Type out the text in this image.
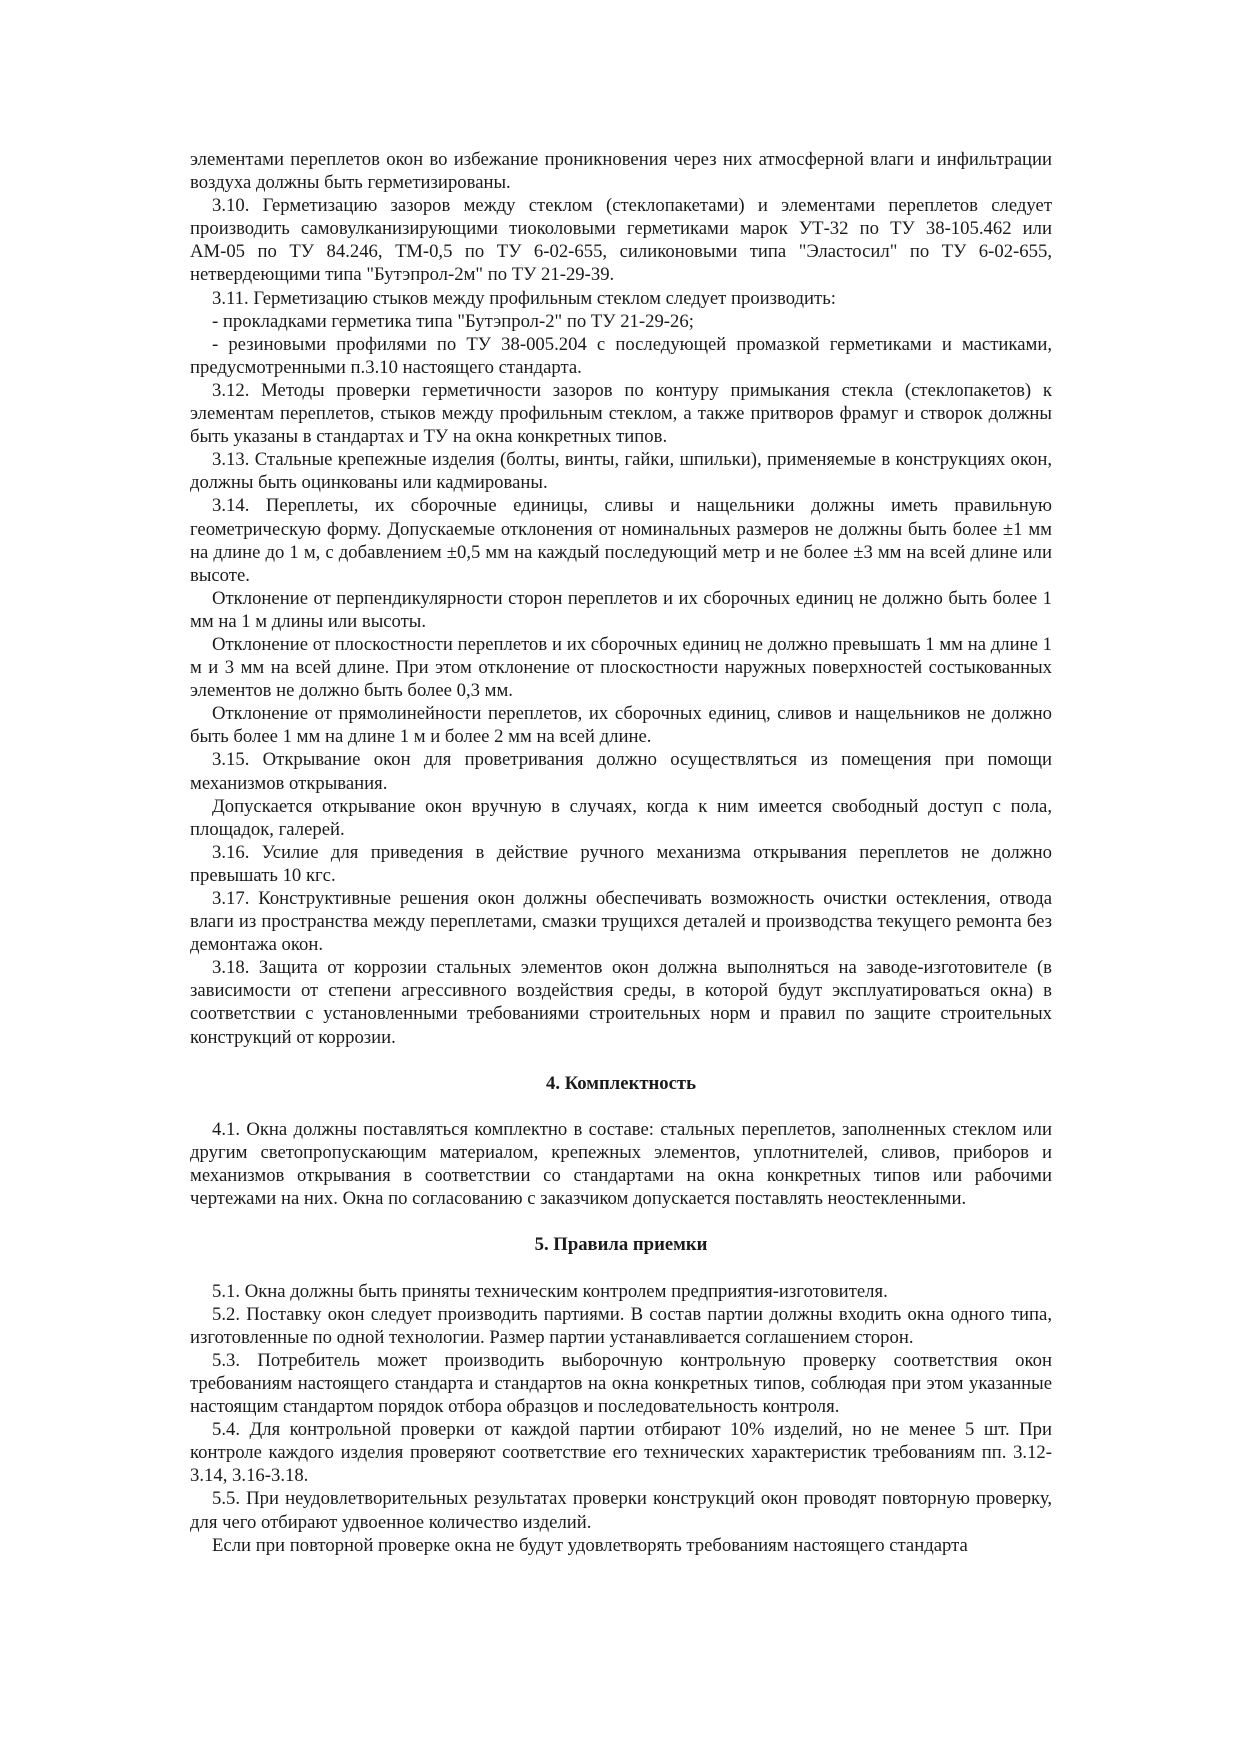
элементами переплетов окон во избежание проникновения через них атмосферной влаги и инфильтрации воздуха должны быть герметизированы.

3.10. Герметизацию зазоров между стеклом (стеклопакетами) и элементами переплетов следует производить самовулканизирующими тиоколовыми герметиками марок УТ-32 по ТУ 38-105.462 или АМ-05 по ТУ 84.246, ТМ-0,5 по ТУ 6-02-655, силиконовыми типа "Эластосил" по ТУ 6-02-655, нетвердеющими типа "Бутэпрол-2м" по ТУ 21-29-39.

3.11. Герметизацию стыков между профильным стеклом следует производить:

- прокладками герметика типа "Бутэпрол-2" по ТУ 21-29-26;

- резиновыми профилями по ТУ 38-005.204 с последующей промазкой герметиками и мастиками, предусмотренными п.3.10 настоящего стандарта.

3.12. Методы проверки герметичности зазоров по контуру примыкания стекла (стеклопакетов) к элементам переплетов, стыков между профильным стеклом, а также притворов фрамуг и створок должны быть указаны в стандартах и ТУ на окна конкретных типов.

3.13. Стальные крепежные изделия (болты, винты, гайки, шпильки), применяемые в конструкциях окон, должны быть оцинкованы или кадмированы.

3.14. Переплеты, их сборочные единицы, сливы и нащельники должны иметь правильную геометрическую форму. Допускаемые отклонения от номинальных размеров не должны быть более ±1 мм на длине до 1 м, с добавлением ±0,5 мм на каждый последующий метр и не более ±3 мм на всей длине или высоте.

Отклонение от перпендикулярности сторон переплетов и их сборочных единиц не должно быть более 1 мм на 1 м длины или высоты.

Отклонение от плоскостности переплетов и их сборочных единиц не должно превышать 1 мм на длине 1 м и 3 мм на всей длине. При этом отклонение от плоскостности наружных поверхностей состыкованных элементов не должно быть более 0,3 мм.

Отклонение от прямолинейности переплетов, их сборочных единиц, сливов и нащельников не должно быть более 1 мм на длине 1 м и более 2 мм на всей длине.

3.15. Открывание окон для проветривания должно осуществляться из помещения при помощи механизмов открывания.

Допускается открывание окон вручную в случаях, когда к ним имеется свободный доступ с пола, площадок, галерей.

3.16. Усилие для приведения в действие ручного механизма открывания переплетов не должно превышать 10 кгс.

3.17. Конструктивные решения окон должны обеспечивать возможность очистки остекления, отвода влаги из пространства между переплетами, смазки трущихся деталей и производства текущего ремонта без демонтажа окон.

3.18. Защита от коррозии стальных элементов окон должна выполняться на заводе-изготовителе (в зависимости от степени агрессивного воздействия среды, в которой будут эксплуатироваться окна) в соответствии с установленными требованиями строительных норм и правил по защите строительных конструкций от коррозии.

4. Комплектность

4.1. Окна должны поставляться комплектно в составе: стальных переплетов, заполненных стеклом или другим светопропускающим материалом, крепежных элементов, уплотнителей, сливов, приборов и механизмов открывания в соответствии со стандартами на окна конкретных типов или рабочими чертежами на них. Окна по согласованию с заказчиком допускается поставлять неостекленными.

5. Правила приемки

5.1. Окна должны быть приняты техническим контролем предприятия-изготовителя.

5.2. Поставку окон следует производить партиями. В состав партии должны входить окна одного типа, изготовленные по одной технологии. Размер партии устанавливается соглашением сторон.

5.3. Потребитель может производить выборочную контрольную проверку соответствия окон требованиям настоящего стандарта и стандартов на окна конкретных типов, соблюдая при этом указанные настоящим стандартом порядок отбора образцов и последовательность контроля.

5.4. Для контрольной проверки от каждой партии отбирают 10% изделий, но не менее 5 шт. При контроле каждого изделия проверяют соответствие его технических характеристик требованиям пп. 3.12-3.14, 3.16-3.18.

5.5. При неудовлетворительных результатах проверки конструкций окон проводят повторную проверку, для чего отбирают удвоенное количество изделий.

Если при повторной проверке окна не будут удовлетворять требованиям настоящего стандарта
